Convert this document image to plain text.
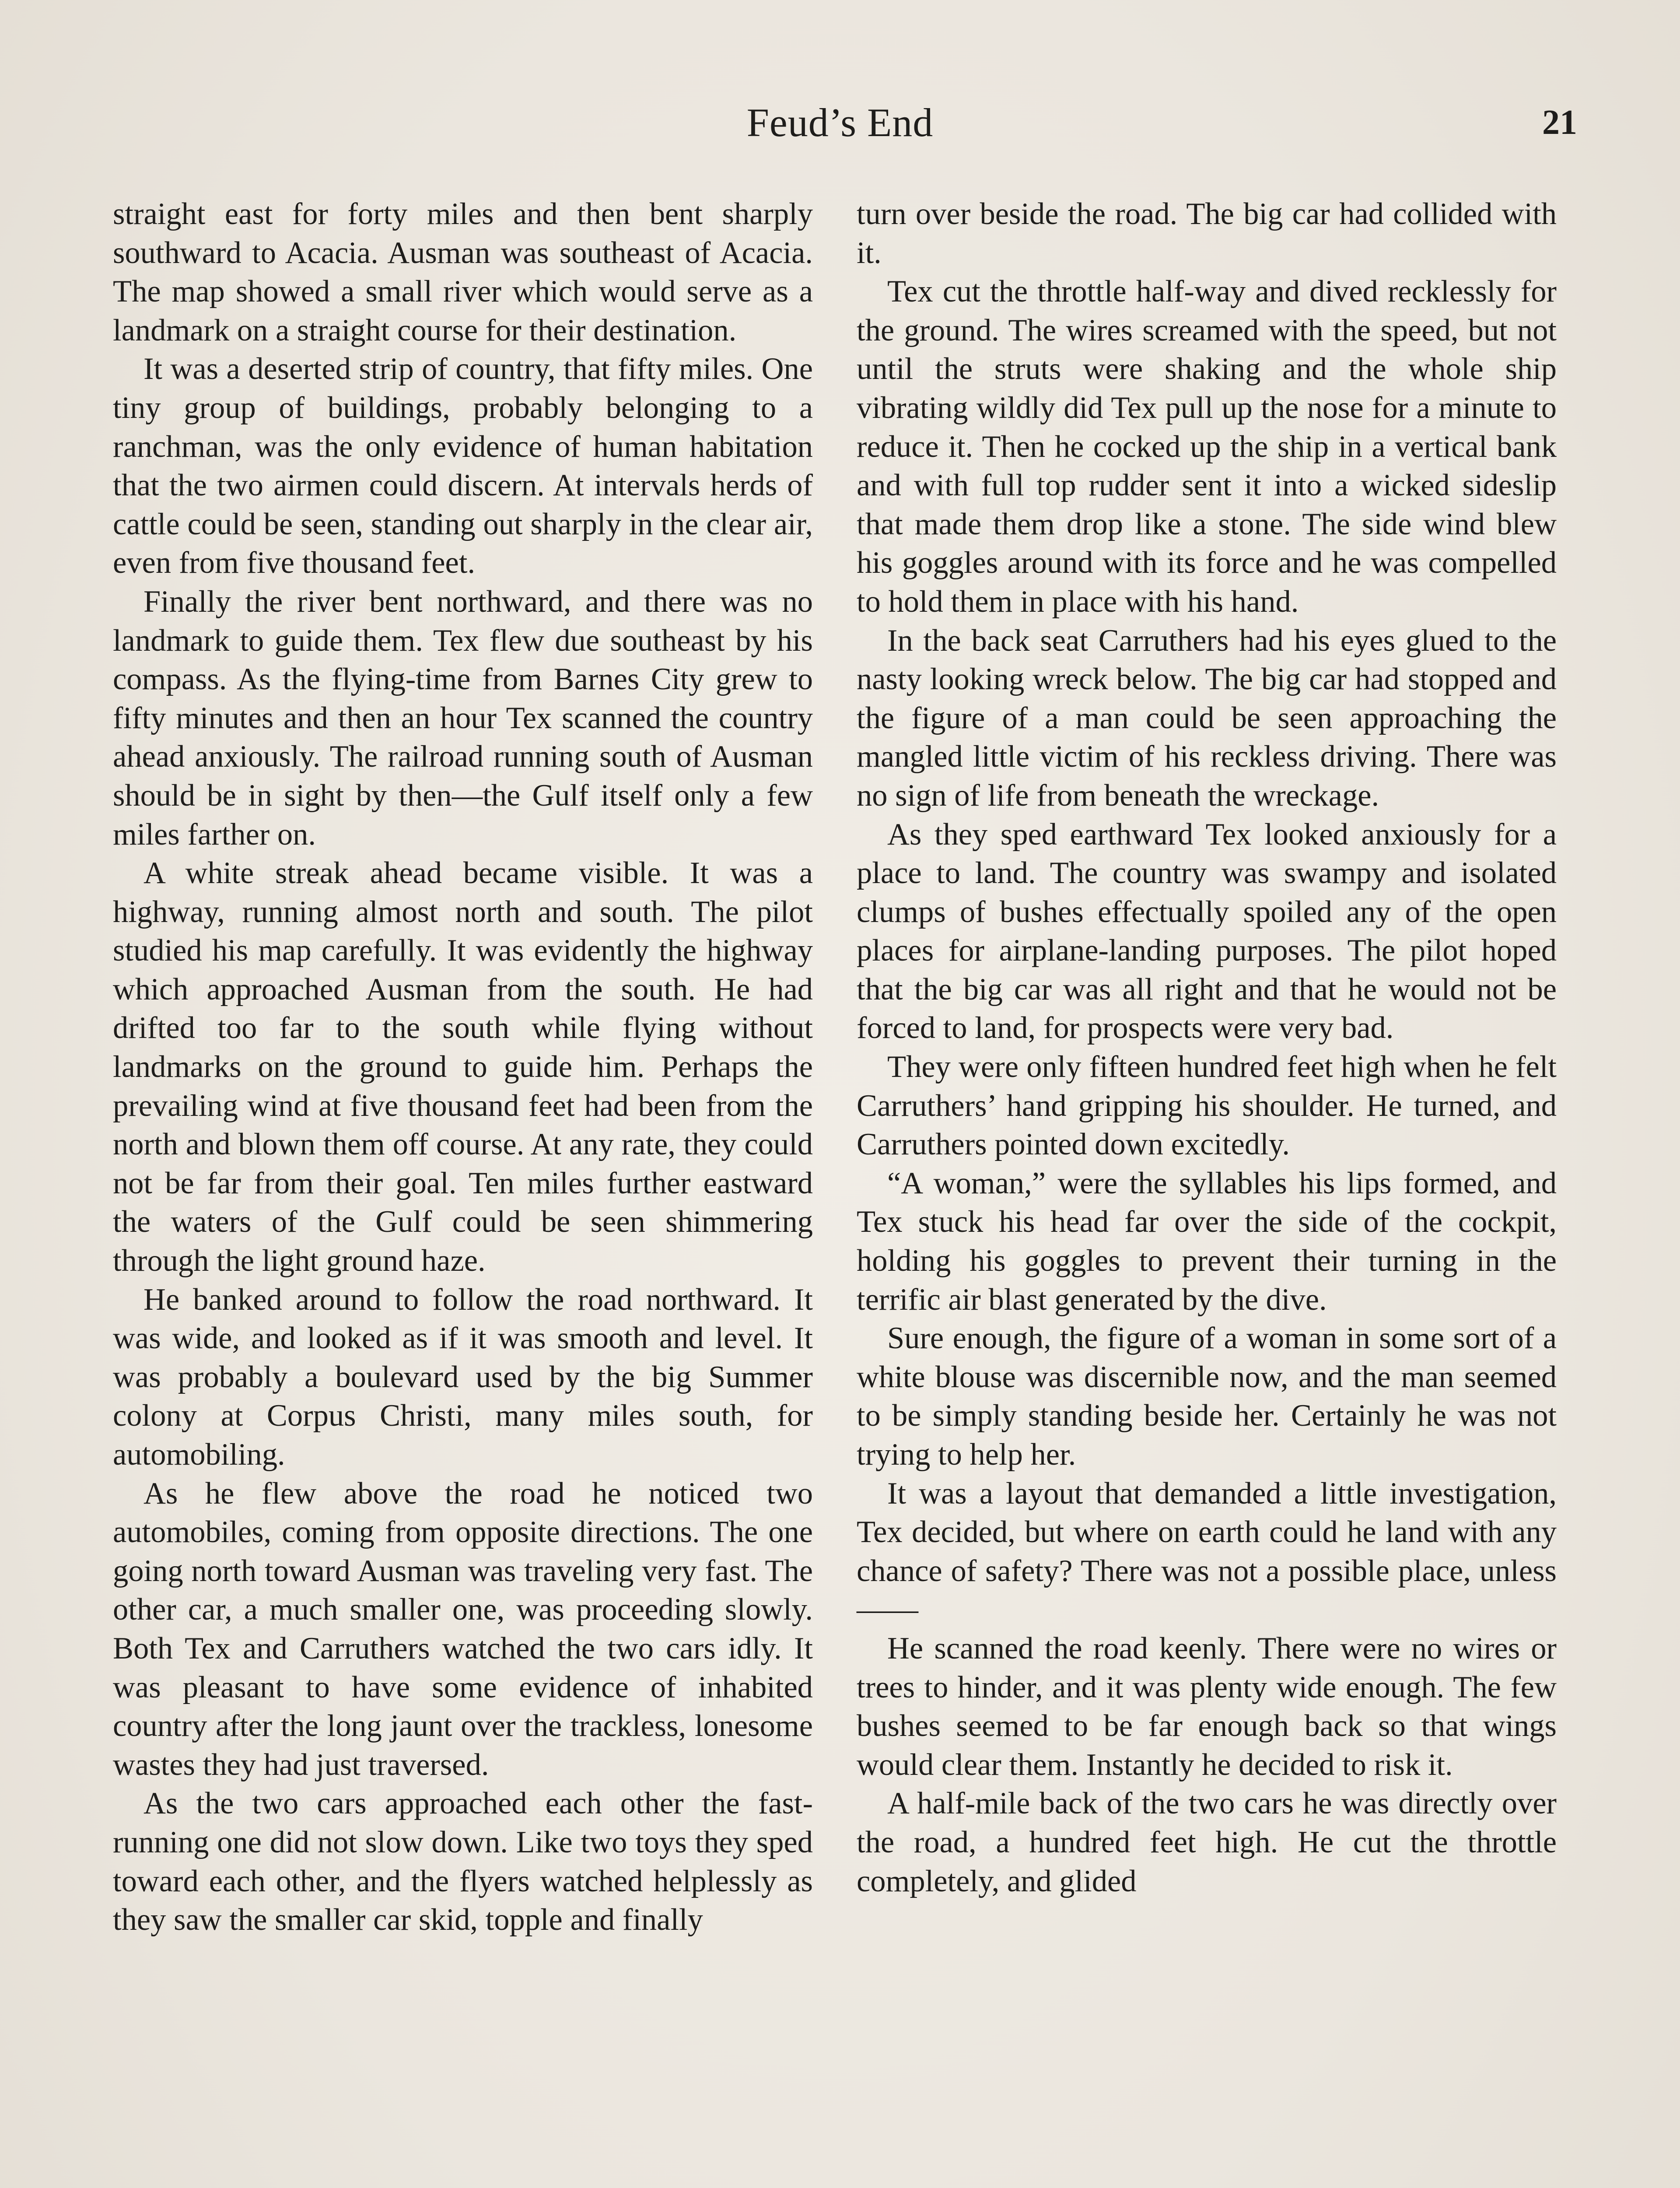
Feud’s End	21

straight east for forty miles and then bent sharply southward to Acacia. Ausman was southeast of Acacia. The map showed a small river which would serve as a landmark on a straight course for their destination.

It was a deserted strip of country, that fifty miles. One tiny group of buildings, probably belonging to a ranchman, was the only evidence of human habitation that the two airmen could discern. At intervals herds of cattle could be seen, standing out sharply in the clear air, even from five thousand feet.

Finally the river bent northward, and there was no landmark to guide them. Tex flew due southeast by his compass. As the flying-time from Barnes City grew to fifty minutes and then an hour Tex scanned the country ahead anxiously. The railroad running south of Ausman should be in sight by then—the Gulf itself only a few miles farther on.

A white streak ahead became visible. It was a highway, running almost north and south. The pilot studied his map carefully. It was evidently the highway which approached Ausman from the south. He had drifted too far to the south while flying without landmarks on the ground to guide him. Perhaps the prevailing wind at five thousand feet had been from the north and blown them off course. At any rate, they could not be far from their goal. Ten miles further eastward the waters of the Gulf could be seen shimmering through the light ground haze.

He banked around to follow the road northward. It was wide, and looked as if it was smooth and level. It was probably a boulevard used by the big Summer colony at Corpus Christi, many miles south, for automobiling.

As he flew above the road he noticed two automobiles, coming from opposite directions. The one going north toward Ausman was traveling very fast. The other car, a much smaller one, was proceeding slowly. Both Tex and Carruthers watched the two cars idly. It was pleasant to have some evidence of inhabited country after the long jaunt over the trackless, lonesome wastes they had just traversed.

As the two cars approached each other the fast-running one did not slow down. Like two toys they sped toward each other, and the flyers watched helplessly as they saw the smaller car skid, topple and finally

turn over beside the road. The big car had collided with it.

Tex cut the throttle half-way and dived recklessly for the ground. The wires screamed with the speed, but not until the struts were shaking and the whole ship vibrating wildly did Tex pull up the nose for a minute to reduce it. Then he cocked up the ship in a vertical bank and with full top rudder sent it into a wicked sideslip that made them drop like a stone. The side wind blew his goggles around with its force and he was compelled to hold them in place with his hand.

In the back seat Carruthers had his eyes glued to the nasty looking wreck below. The big car had stopped and the figure of a man could be seen approaching the mangled little victim of his reckless driving. There was no sign of life from beneath the wreckage.

As they sped earthward Tex looked anxiously for a place to land. The country was swampy and isolated clumps of bushes effectually spoiled any of the open places for airplane-landing purposes. The pilot hoped that the big car was all right and that he would not be forced to land, for prospects were very bad.

They were only fifteen hundred feet high when he felt Carruthers’ hand gripping his shoulder. He turned, and Carruthers pointed down excitedly.

“A woman,” were the syllables his lips formed, and Tex stuck his head far over the side of the cockpit, holding his goggles to prevent their turning in the terrific air blast generated by the dive.

Sure enough, the figure of a woman in some sort of a white blouse was discernible now, and the man seemed to be simply standing beside her. Certainly he was not trying to help her.

It was a layout that demanded a little investigation, Tex decided, but where on earth could he land with any chance of safety? There was not a possible place, unless——

He scanned the road keenly. There were no wires or trees to hinder, and it was plenty wide enough. The few bushes seemed to be far enough back so that wings would clear them. Instantly he decided to risk it.

A half-mile back of the two cars he was directly over the road, a hundred feet high. He cut the throttle completely, and glided
